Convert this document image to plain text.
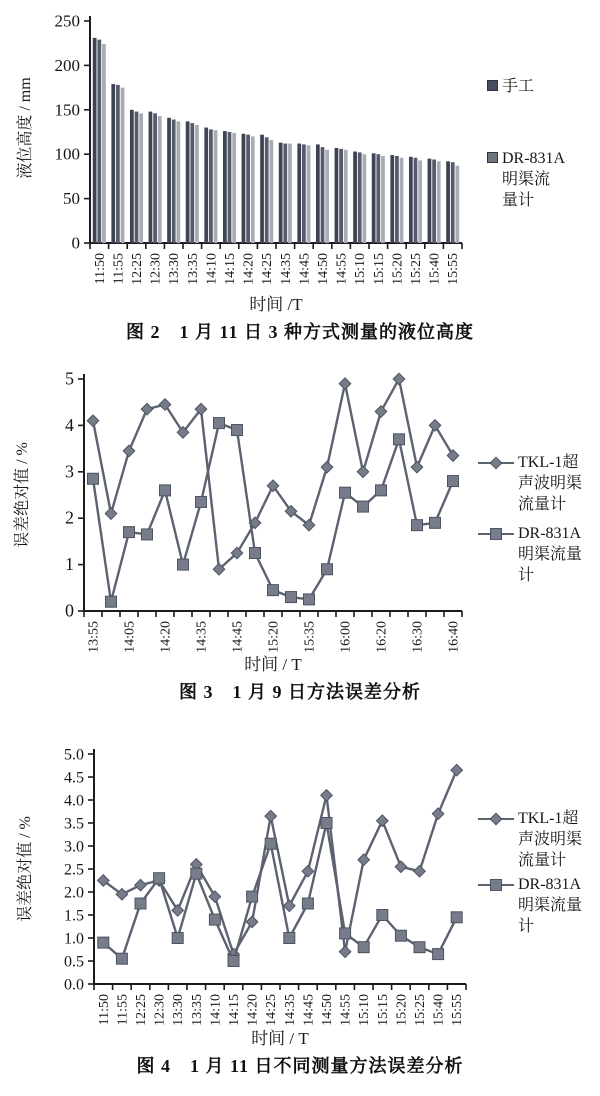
0
50
100
150
200
250
11:50 11:55 12:25 12:30 13:30 13:35 14:10 14:15 14:20 14:25 14:35 14:45 14:50 14:55 15:10 15:15 15:20 15:25 15:40 15:55
时间 /T
液位高度 / mm	手工
DR-831A
明渠流
量计
图 2　1 月 11 日 3 种方式测量的液位高度
0
1
2
3
4
5
13:55 14:05 14:20 14:35 14:45 15:20 15:35 16:00 16:20 16:30 16:40
时间 / T
误差绝对值 / %	TKL-1超
声波明渠
流量计
DR-831A
明渠流量
计
图 3　1 月 9 日方法误差分析
0.0
0.5
1.0
1.5
2.0
2.5
3.0
3.5
4.0
4.5
5.0
11:50 11:55 12:25 12:30 13:30 13:35 14:10 14:15 14:20 14:25 14:35 14:45 14:50 14:55 15:10 15:15 15:20 15:25 15:40 15:55
时间 / T
误差绝对值 / %	TKL-1超
声波明渠
流量计
DR-831A
明渠流量
计
图 4　1 月 11 日不同测量方法误差分析
